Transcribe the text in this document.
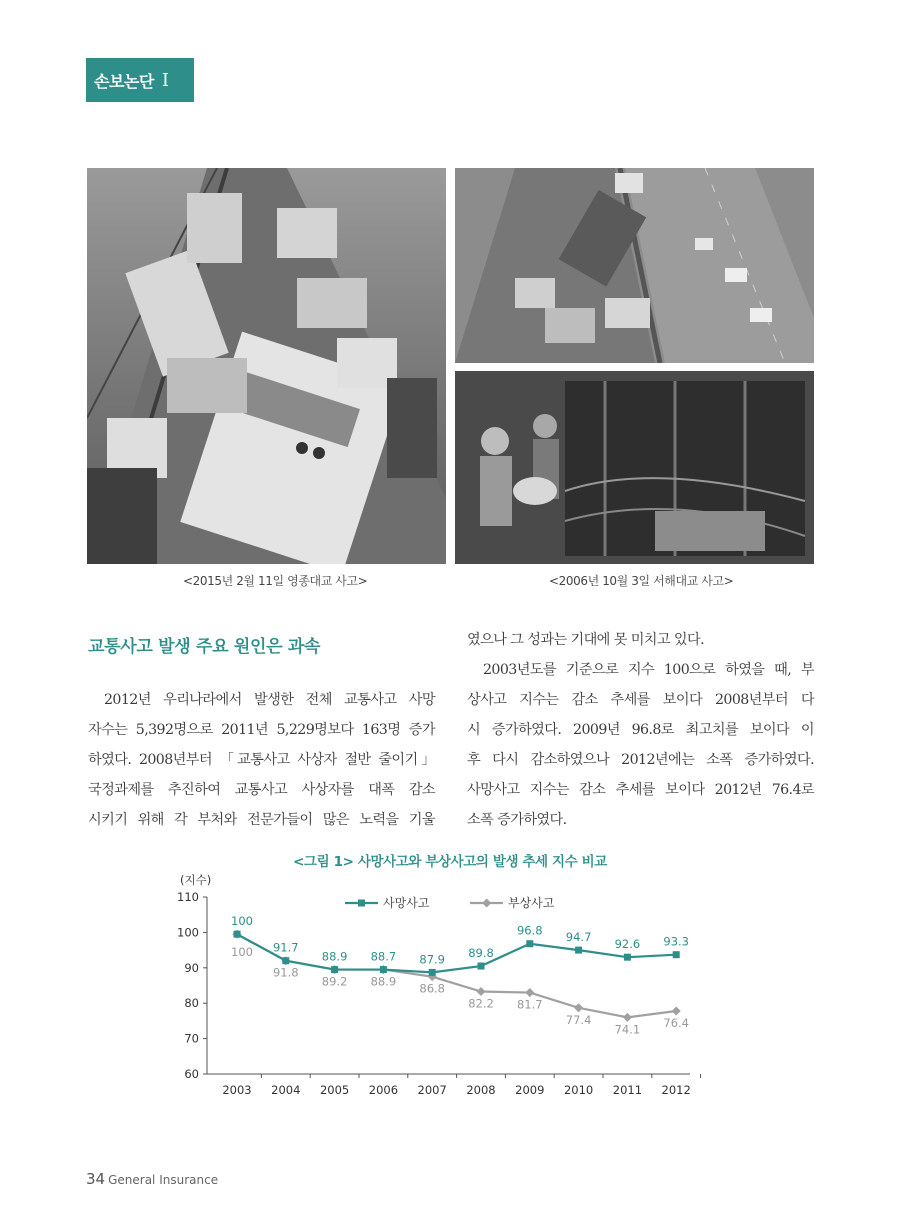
손보논단 I
<2015년 2월 11일 영종대교 사고>	<2006년 10월 3일 서해대교 사고>
교통사고 발생 주요 원인은 과속

2012년 우리나라에서 발생한 전체 교통사고 사망

자수는 5,392명으로 2011년 5,229명보다 163명 증가

하였다. 2008년부터 「교통사고 사상자 절반 줄이기」

국정과제를 추진하여 교통사고 사상자를 대폭 감소

시키기 위해 각 부처와 전문가들이 많은 노력을 기울

였으나 그 성과는 기대에 못 미치고 있다.

2003년도를 기준으로 지수 100으로 하였을 때, 부

상사고 지수는 감소 추세를 보이다 2008년부터 다

시 증가하였다. 2009년 96.8로 최고치를 보이다 이

후 다시 감소하였으나 2012년에는 소폭 증가하였다.

사망사고 지수는 감소 추세를 보이다 2012년 76.4로

소폭 증가하였다.

<그림 1> 사망사고와 부상사고의 발생 추세 지수 비교
60
70
80
90
100
110
(지수)
2003 2004 2005 2006 2007 2008 2009 2010 2011 2012
100
91.7
88.9 88.7 87.9 89.8
96.8 94.7
92.6 93.3
100
91.8
89.2 88.9
86.8
82.2 81.7
77.4
74.1 76.4
사망사고	부상사고
34 General Insurance
